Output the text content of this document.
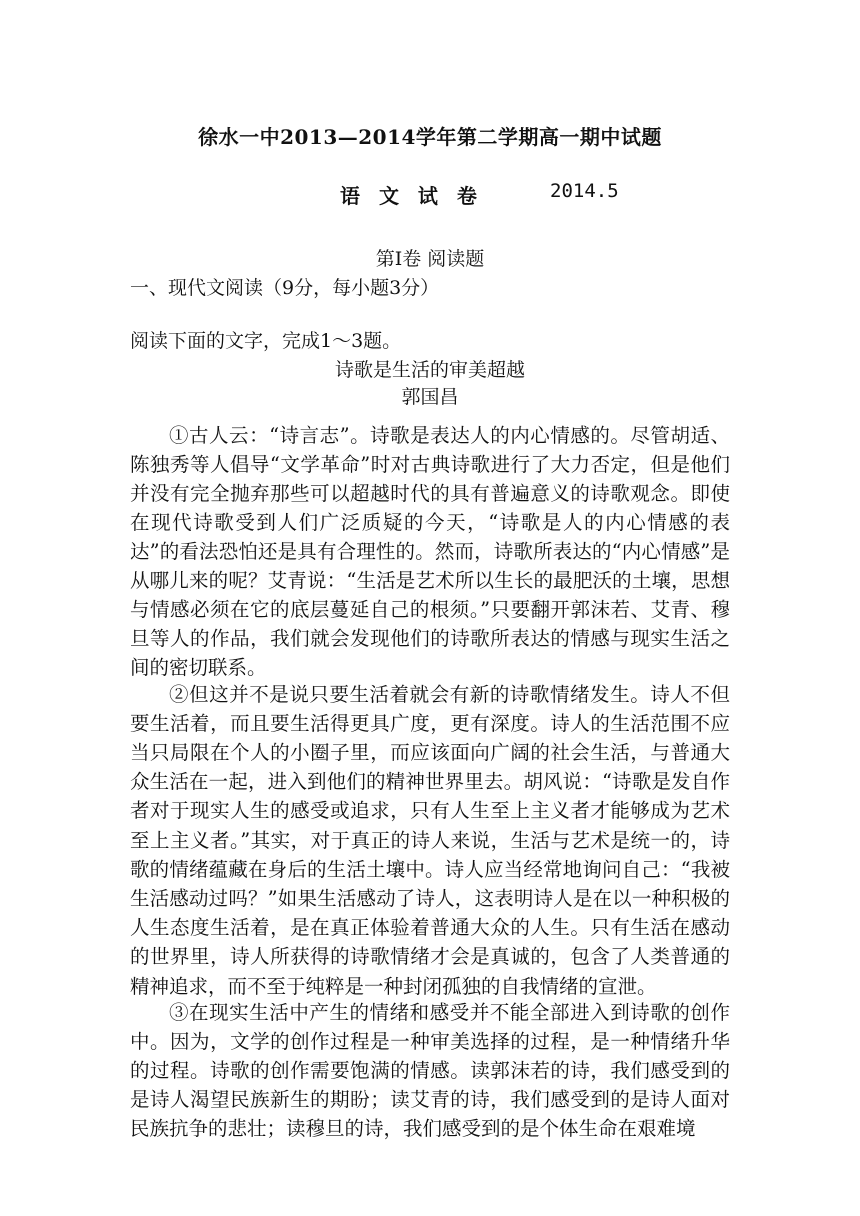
徐水一中2013—2014学年第二学期高一期中试题
语 文 试 卷	2014.5
第Ⅰ卷 阅读题
一、现代文阅读（9分，每小题3分）
阅读下面的文字，完成1～3题。
诗歌是生活的审美超越
郭国昌

①古人云：“诗言志”。诗歌是表达人的内心情感的。尽管胡适、陈独秀等人倡导“文学革命”时对古典诗歌进行了大力否定，但是他们并没有完全抛弃那些可以超越时代的具有普遍意义的诗歌观念。即使在现代诗歌受到人们广泛质疑的今天，“诗歌是人的内心情感的表达”的看法恐怕还是具有合理性的。然而，诗歌所表达的“内心情感”是从哪儿来的呢？艾青说：“生活是艺术所以生长的最肥沃的土壤，思想与情感必须在它的底层蔓延自己的根须。”只要翻开郭沫若、艾青、穆旦等人的作品，我们就会发现他们的诗歌所表达的情感与现实生活之间的密切联系。

②但这并不是说只要生活着就会有新的诗歌情绪发生。诗人不但要生活着，而且要生活得更具广度，更有深度。诗人的生活范围不应当只局限在个人的小圈子里，而应该面向广阔的社会生活，与普通大众生活在一起，进入到他们的精神世界里去。胡风说：“诗歌是发自作者对于现实人生的感受或追求，只有人生至上主义者才能够成为艺术至上主义者。”其实，对于真正的诗人来说，生活与艺术是统一的，诗歌的情绪蕴藏在身后的生活土壤中。诗人应当经常地询问自己：“我被生活感动过吗？”如果生活感动了诗人，这表明诗人是在以一种积极的人生态度生活着，是在真正体验着普通大众的人生。只有生活在感动的世界里，诗人所获得的诗歌情绪才会是真诚的，包含了人类普通的精神追求，而不至于纯粹是一种封闭孤独的自我情绪的宣泄。

③在现实生活中产生的情绪和感受并不能全部进入到诗歌的创作中。因为，文学的创作过程是一种审美选择的过程，是一种情绪升华的过程。诗歌的创作需要饱满的情感。读郭沫若的诗，我们感受到的是诗人渴望民族新生的期盼；读艾青的诗，我们感受到的是诗人面对民族抗争的悲壮；读穆旦的诗，我们感受到的是个体生命在艰难境
